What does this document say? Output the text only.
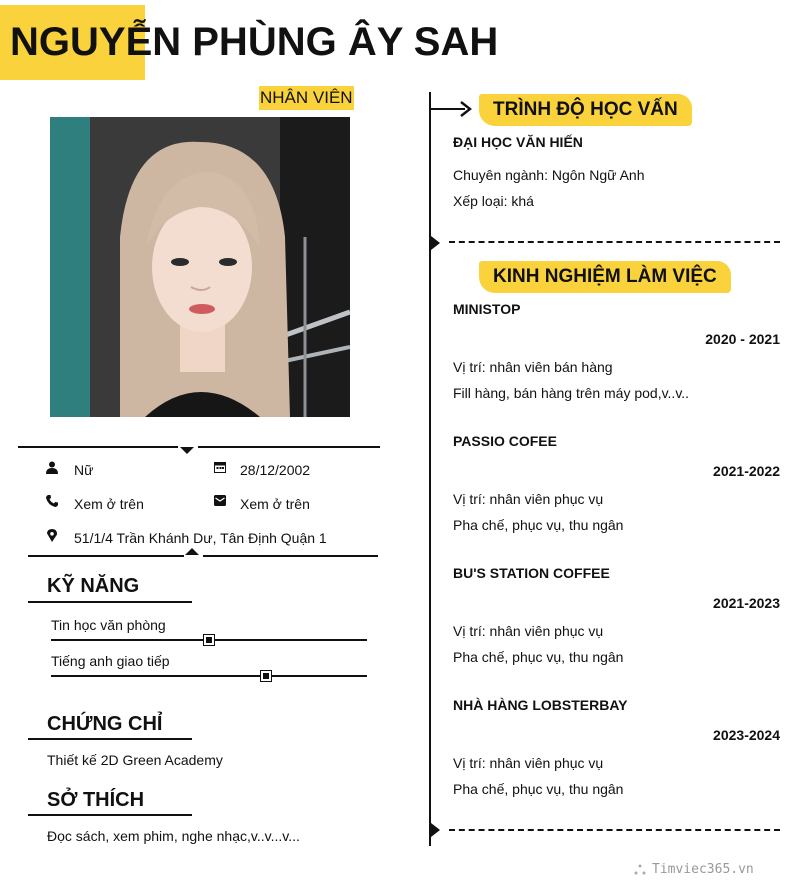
NGUYỄN PHÙNG ÂY SAH
NHÂN VIÊN
Nữ	28/12/2002
Xem ở trên	Xem ở trên
51/1/4 Trần Khánh Dư, Tân Định Quận 1
KỸ NĂNG
Tin học văn phòng
Tiếng anh giao tiếp
CHỨNG CHỈ
Thiết kế 2D Green Academy
SỞ THÍCH
Đọc sách, xem phim, nghe nhạc,v..v...v...
TRÌNH ĐỘ HỌC VẤN
ĐẠI HỌC VĂN HIẾN
Chuyên ngành: Ngôn Ngữ Anh
Xếp loại: khá
KINH NGHIỆM LÀM VIỆC
MINISTOP
2020 - 2021
Vị trí: nhân viên bán hàng
Fill hàng, bán hàng trên máy pod,v..v..
PASSIO COFEE
2021-2022
Vị trí: nhân viên phục vụ
Pha chế, phục vụ, thu ngân
BU'S STATION COFFEE
2021-2023
Vị trí: nhân viên phục vụ
Pha chế, phục vụ, thu ngân
NHÀ HÀNG LOBSTERBAY
2023-2024
Vị trí: nhân viên phục vụ
Pha chế, phục vụ, thu ngân
Timviec365.vn
